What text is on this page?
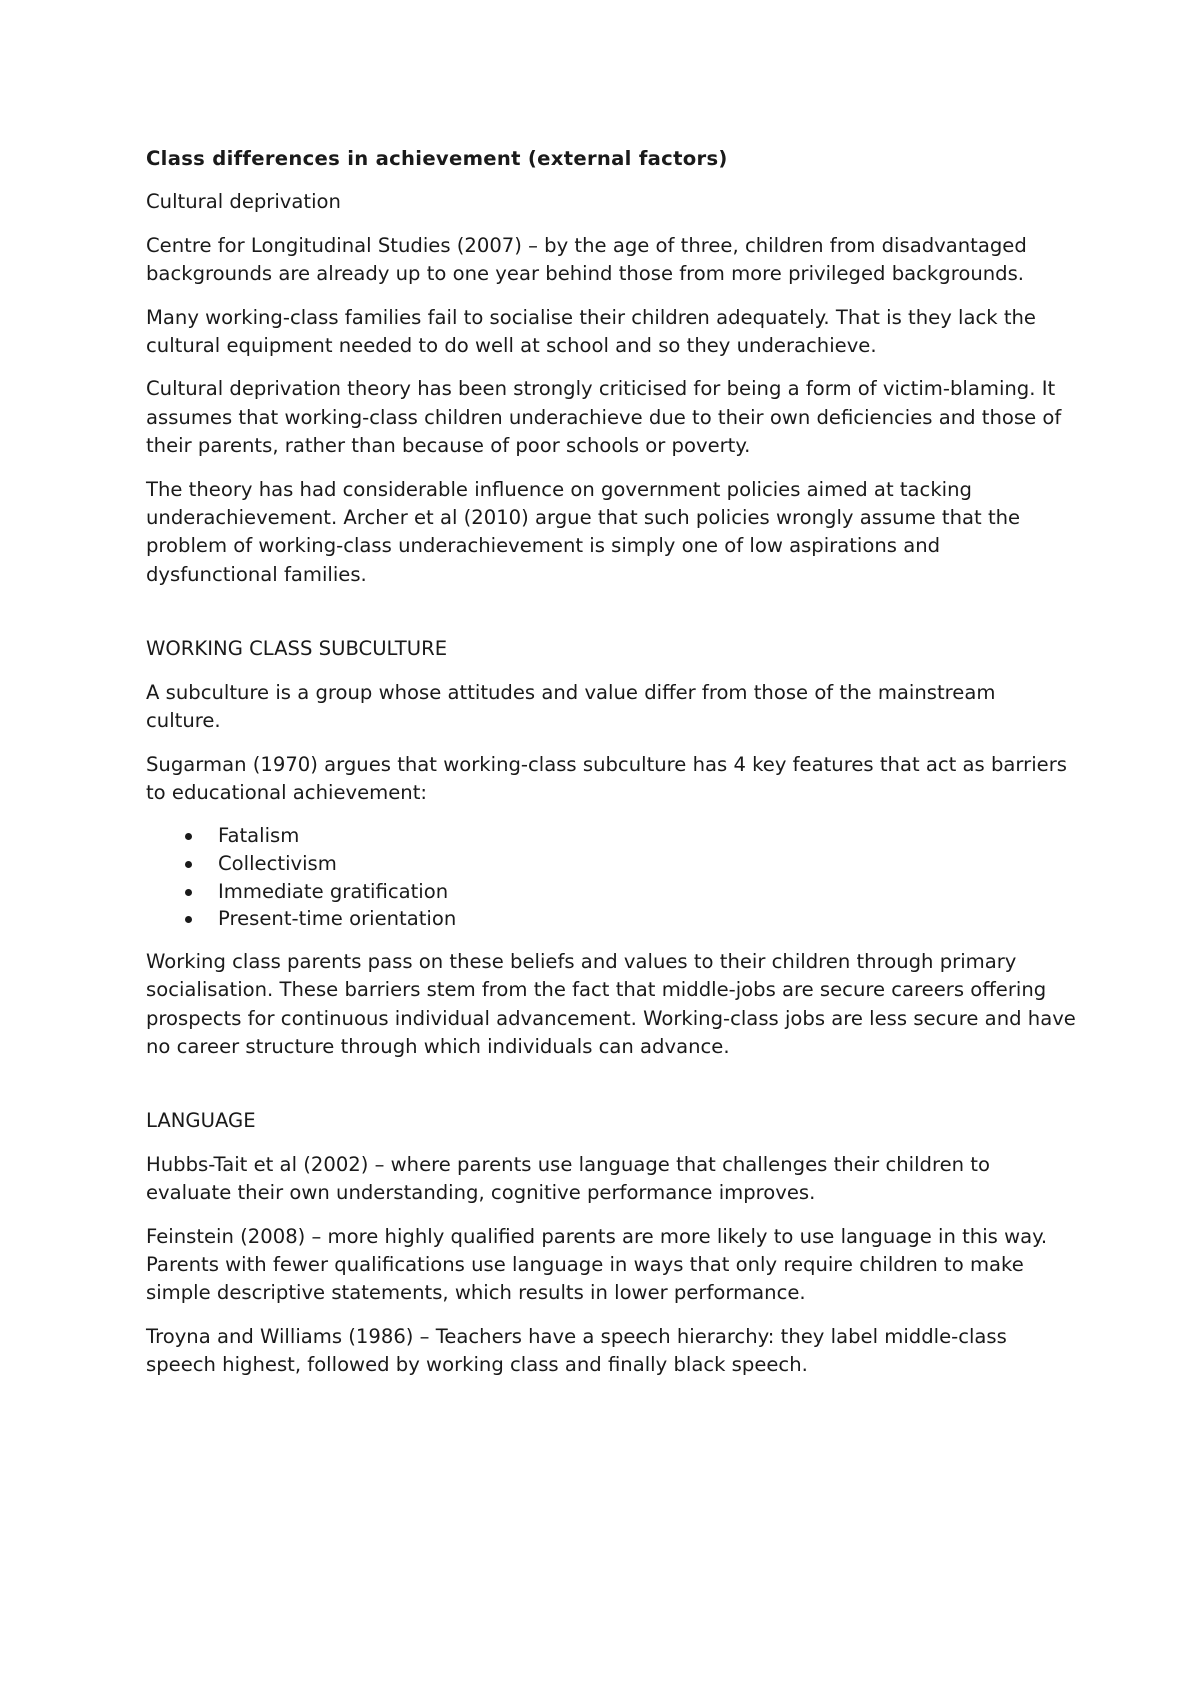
Class differences in achievement (external factors)

Cultural deprivation

Centre for Longitudinal Studies (2007) – by the age of three, children from disadvantaged backgrounds are already up to one year behind those from more privileged backgrounds.

Many working-class families fail to socialise their children adequately. That is they lack the cultural equipment needed to do well at school and so they underachieve.

Cultural deprivation theory has been strongly criticised for being a form of victim-blaming. It assumes that working-class children underachieve due to their own deficiencies and those of their parents, rather than because of poor schools or poverty.

The theory has had considerable influence on government policies aimed at tacking underachievement. Archer et al (2010) argue that such policies wrongly assume that the problem of working-class underachievement is simply one of low aspirations and dysfunctional families.

WORKING CLASS SUBCULTURE

A subculture is a group whose attitudes and value differ from those of the mainstream culture.

Sugarman (1970) argues that working-class subculture has 4 key features that act as barriers to educational achievement:

Fatalism
Collectivism
Immediate gratification
Present-time orientation

Working class parents pass on these beliefs and values to their children through primary socialisation. These barriers stem from the fact that middle-jobs are secure careers offering prospects for continuous individual advancement. Working-class jobs are less secure and have no career structure through which individuals can advance.

LANGUAGE

Hubbs-Tait et al (2002) – where parents use language that challenges their children to evaluate their own understanding, cognitive performance improves.

Feinstein (2008) – more highly qualified parents are more likely to use language in this way. Parents with fewer qualifications use language in ways that only require children to make simple descriptive statements, which results in lower performance.

Troyna and Williams (1986) – Teachers have a speech hierarchy: they label middle-class speech highest, followed by working class and finally black speech.
